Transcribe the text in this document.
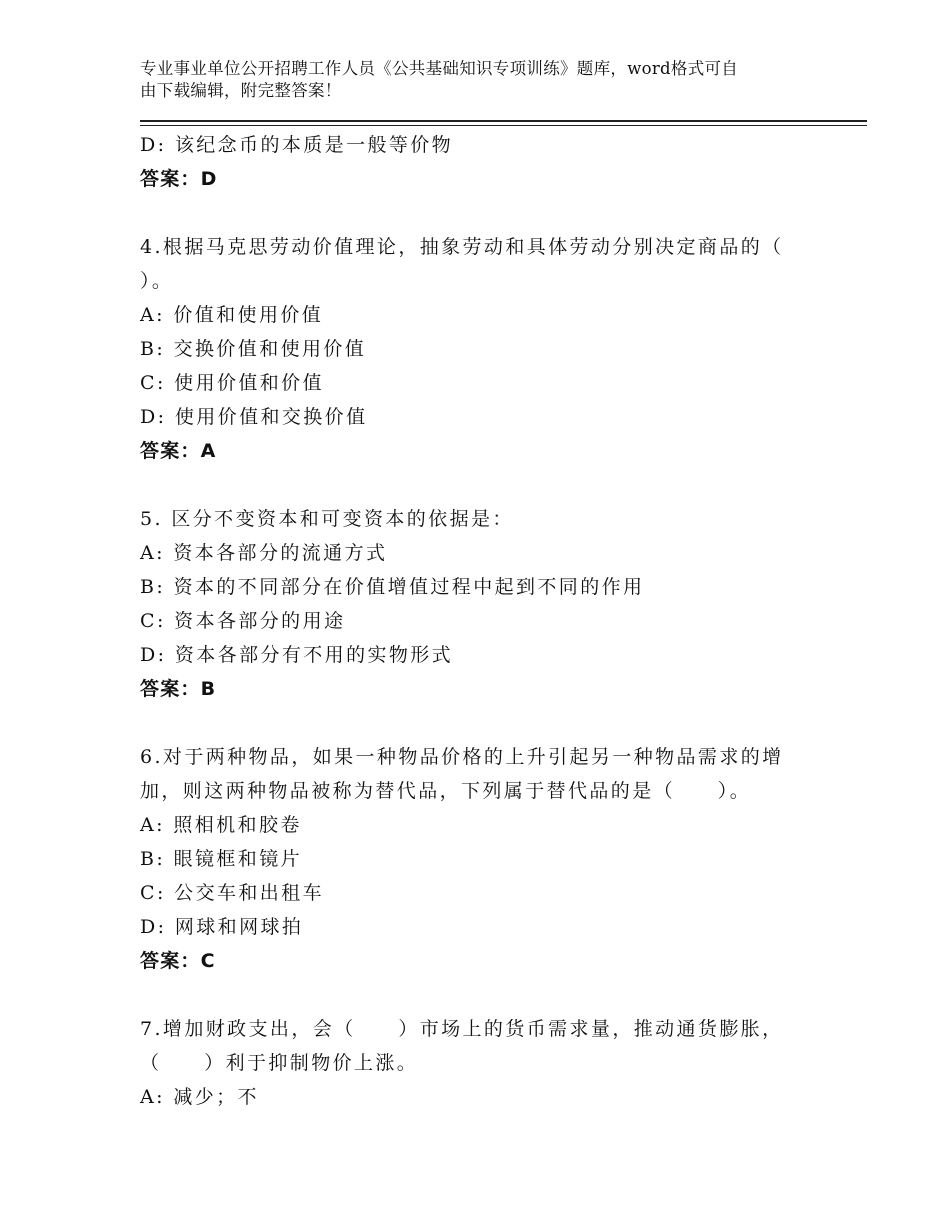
专业事业单位公开招聘工作人员《公共基础知识专项训练》题库，word格式可自
由下载编辑，附完整答案！
D: 该纪念币的本质是一般等价物
答案：D
4.根据马克思劳动价值理论，抽象劳动和具体劳动分别决定商品的（
）。
A: 价值和使用价值
B: 交换价值和使用价值
C: 使用价值和价值
D: 使用价值和交换价值
答案：A
5. 区分不变资本和可变资本的依据是：
A: 资本各部分的流通方式
B: 资本的不同部分在价值增值过程中起到不同的作用
C: 资本各部分的用途
D: 资本各部分有不用的实物形式
答案：B
6.对于两种物品，如果一种物品价格的上升引起另一种物品需求的增
加，则这两种物品被称为替代品，下列属于替代品的是（　　）。
A: 照相机和胶卷
B: 眼镜框和镜片
C: 公交车和出租车
D: 网球和网球拍
答案：C
7.增加财政支出，会（　　）市场上的货币需求量，推动通货膨胀，
（　　）利于抑制物价上涨。
A: 减少；不
